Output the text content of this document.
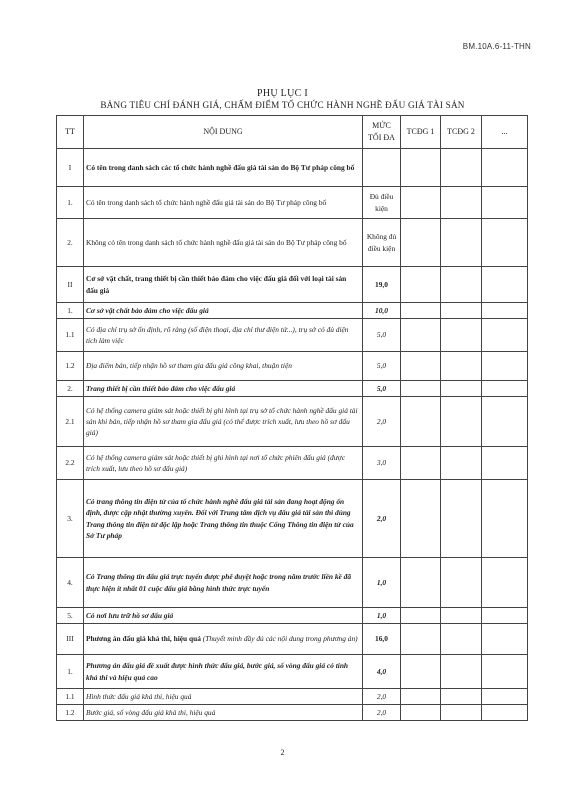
BM.10A.6-11-THN
PHỤ LỤC I
BẢNG TIÊU CHÍ ĐÁNH GIÁ, CHẤM ĐIỂM TỔ CHỨC HÀNH NGHỀ ĐẤU GIÁ TÀI SẢN
TT	NỘI DUNG	MỨC TỐI ĐA	TCĐG 1	TCĐG 2	...
I	Có tên trong danh sách các tổ chức hành nghề đấu giá tài sản do Bộ Tư pháp công bố				
1.	Có tên trong danh sách tổ chức hành nghề đấu giá tài sản do Bộ Tư pháp công bố	Đủ điều kiện			
2.	Không có tên trong danh sách tổ chức hành nghề đấu giá tài sản do Bộ Tư pháp công bố	Không đủ điều kiện			
II	Cơ sở vật chất, trang thiết bị cần thiết bảo đảm cho việc đấu giá đối với loại tài sản đấu giá	19,0			
1.	Cơ sở vật chất bảo đảm cho việc đấu giá	10,0			
1.1	Có địa chỉ trụ sở ổn định, rõ ràng (số điện thoại, địa chỉ thư điện tử...), trụ sở có đủ diện tích làm việc	5,0			
1.2	Địa điểm bán, tiếp nhận hồ sơ tham gia đấu giá công khai, thuận tiện	5,0			
2.	Trang thiết bị cần thiết bảo đảm cho việc đấu giá	5,0			
2.1	Có hệ thống camera giám sát hoặc thiết bị ghi hình tại trụ sở tổ chức hành nghề đấu giá tài sản khi bán, tiếp nhận hồ sơ tham gia đấu giá (có thể được trích xuất, lưu theo hồ sơ đấu giá)	2,0			
2.2	Có hệ thống camera giám sát hoặc thiết bị ghi hình tại nơi tổ chức phiên đấu giá (được trích xuất, lưu theo hồ sơ đấu giá)	3,0			
3.	Có trang thông tin điện tử của tổ chức hành nghề đấu giá tài sản đang hoạt động ổn định, được cập nhật thường xuyên. Đối với Trung tâm dịch vụ đấu giá tài sản thì dùng Trang thông tin điện tử độc lập hoặc Trang thông tin thuộc Cổng Thông tin điện tử của Sở Tư pháp	2,0			
4.	Có Trang thông tin đấu giá trực tuyến được phê duyệt hoặc trong năm trước liền kề đã thực hiện ít nhất 01 cuộc đấu giá bằng hình thức trực tuyến	1,0			
5.	Có nơi lưu trữ hồ sơ đấu giá	1,0			
III	Phương án đấu giá khả thi, hiệu quả (Thuyết minh đầy đủ các nội dung trong phương án)	16,0			
1.	Phương án đấu giá đề xuất được hình thức đấu giá, bước giá, số vòng đấu giá có tính khả thi và hiệu quả cao	4,0			
1.1	Hình thức đấu giá khả thi, hiệu quả	2,0			
1.2	Bước giá, số vòng đấu giá khả thi, hiệu quả	2,0			
2
